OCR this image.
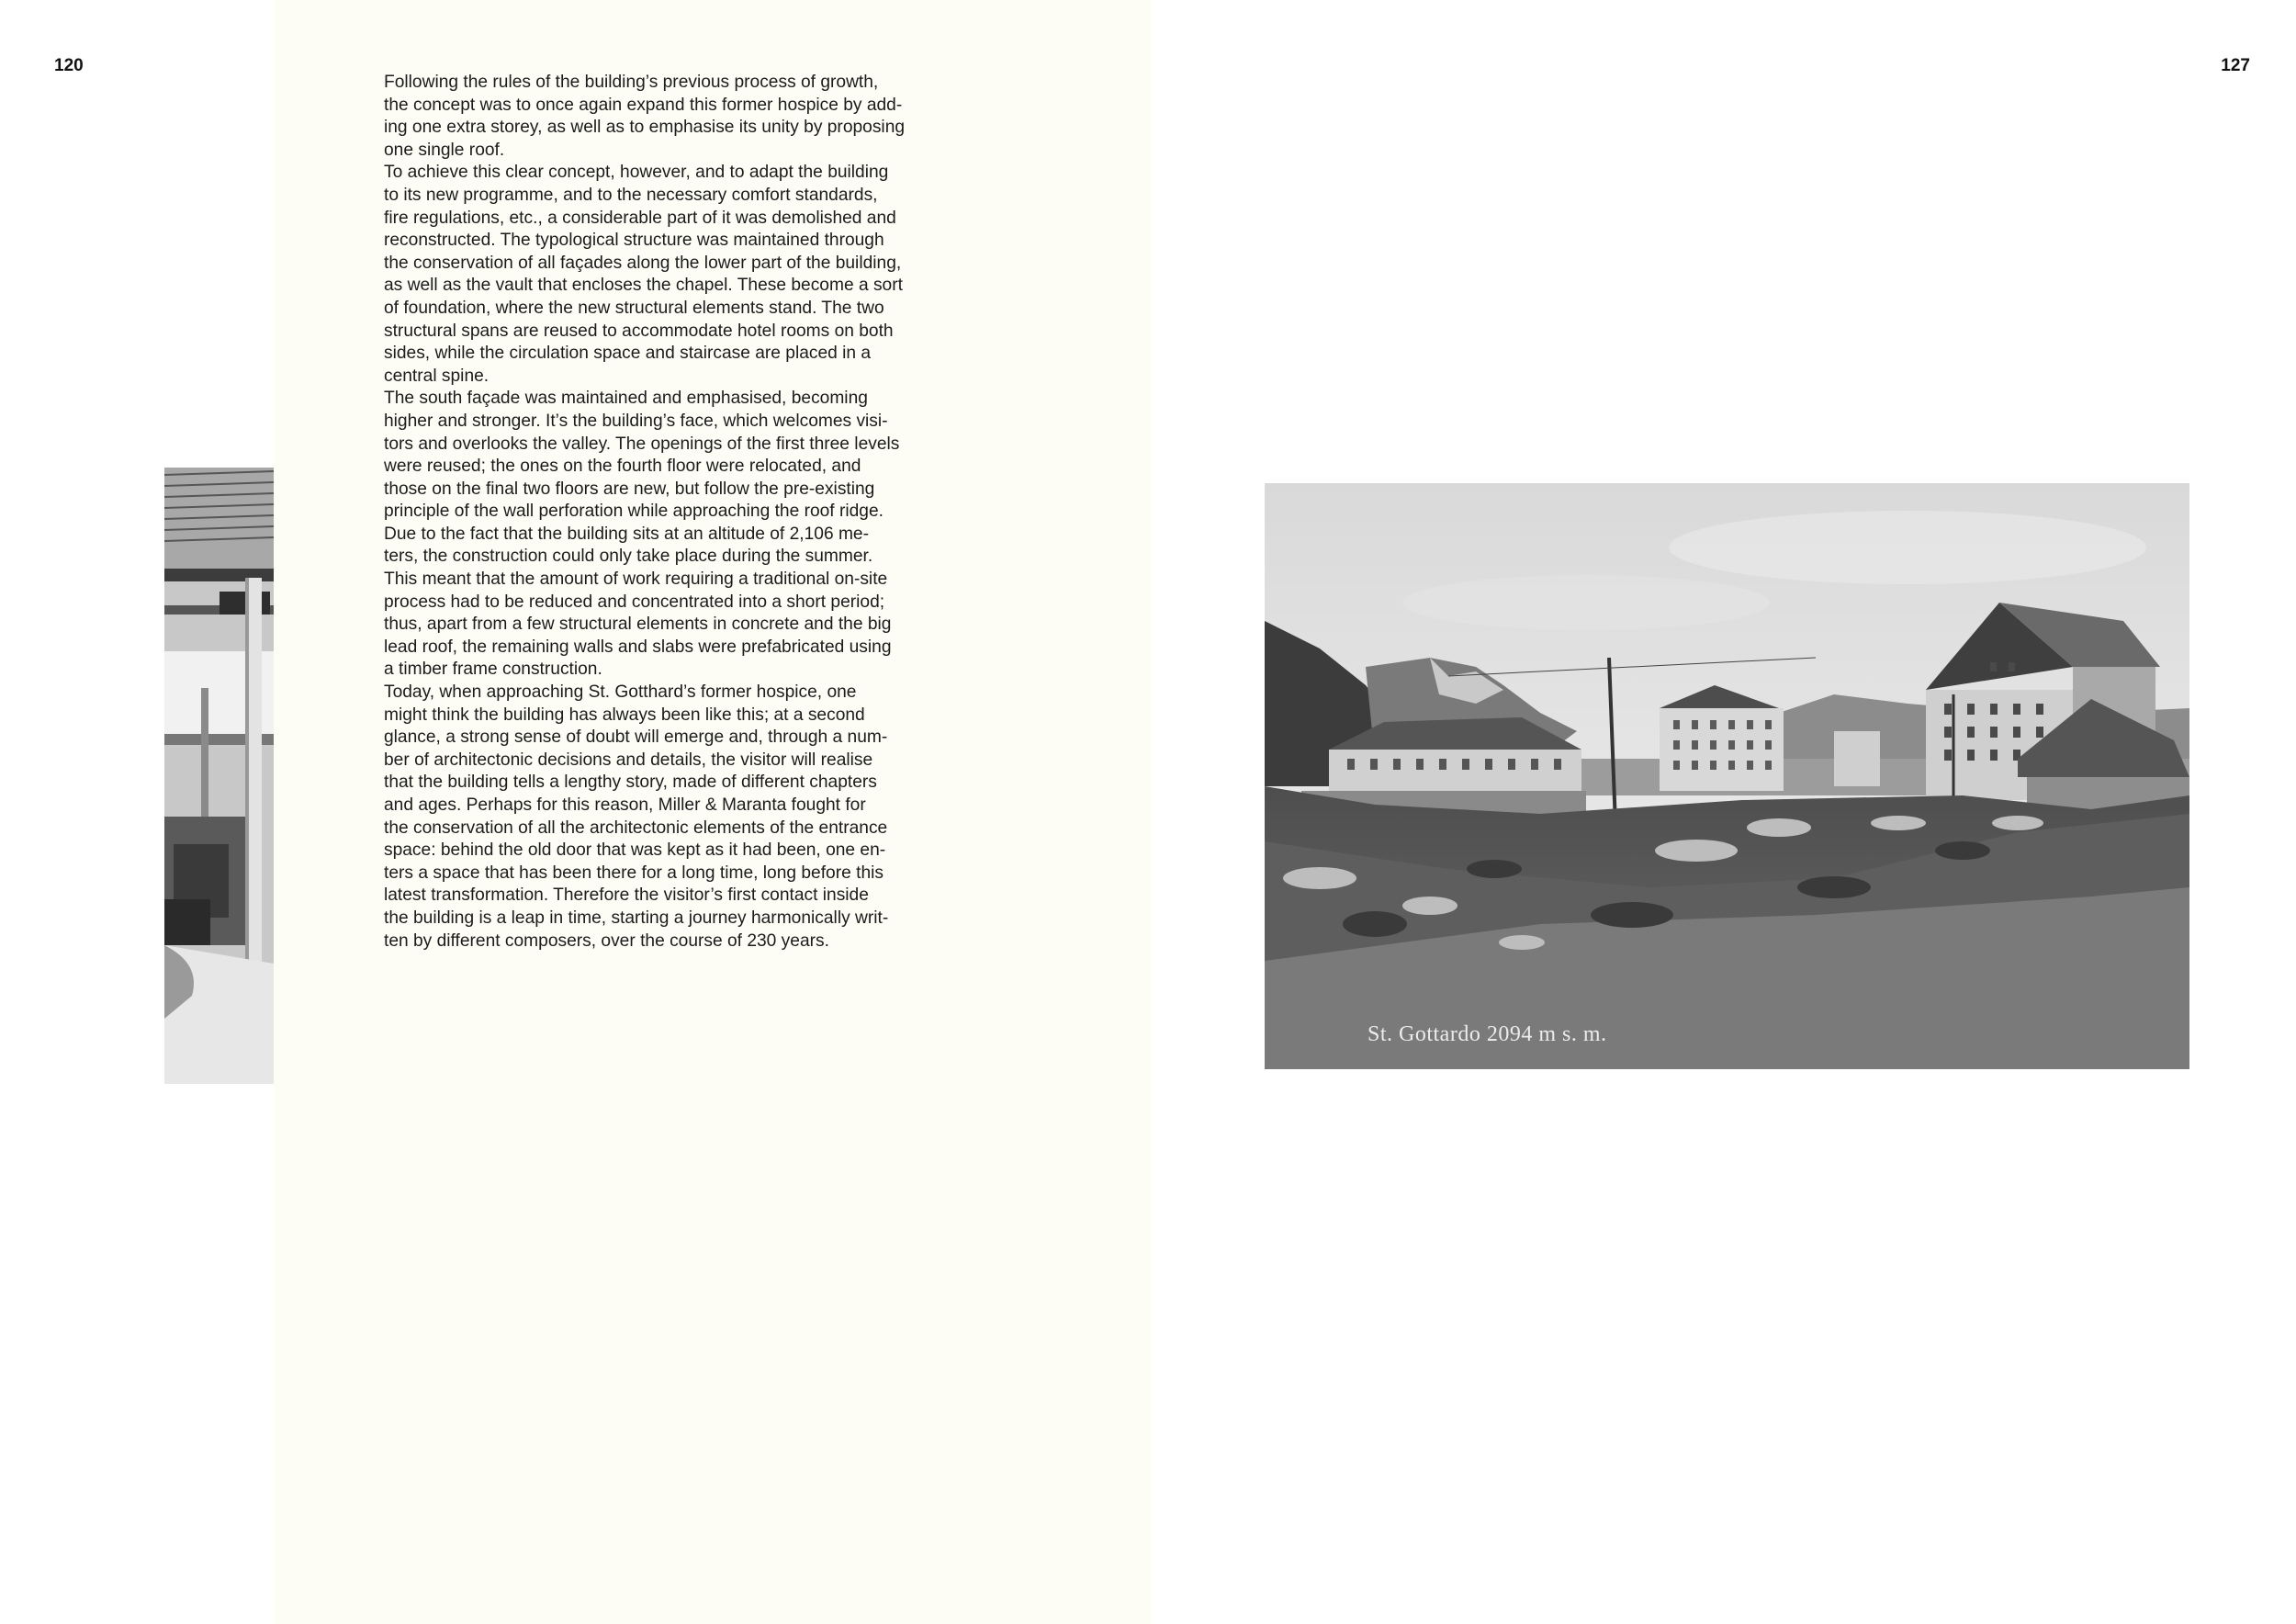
120	127

Following the rules of the building’s previous process of growth,
the concept was to once again expand this former hospice by add-
ing one extra storey, as well as to emphasise its unity by proposing
one single roof.

To achieve this clear concept, however, and to adapt the building
to its new programme, and to the necessary comfort standards,
fire regulations, etc., a considerable part of it was demolished and
reconstructed. The typological structure was maintained through
the conservation of all façades along the lower part of the building,
as well as the vault that encloses the chapel. These become a sort
of foundation, where the new structural elements stand. The two
structural spans are reused to accommodate hotel rooms on both
sides, while the circulation space and staircase are placed in a
central spine.

The south façade was maintained and emphasised, becoming
higher and stronger. It’s the building’s face, which welcomes visi-
tors and overlooks the valley. The openings of the first three levels
were reused; the ones on the fourth floor were relocated, and
those on the final two floors are new, but follow the pre-existing
principle of the wall perforation while approaching the roof ridge.
Due to the fact that the building sits at an altitude of 2,106 me-
ters, the construction could only take place during the summer.
This meant that the amount of work requiring a traditional on-site
process had to be reduced and concentrated into a short period;
thus, apart from a few structural elements in concrete and the big
lead roof, the remaining walls and slabs were prefabricated using
a timber frame construction.

Today, when approaching St. Gotthard’s former hospice, one
might think the building has always been like this; at a second
glance, a strong sense of doubt will emerge and, through a num-
ber of architectonic decisions and details, the visitor will realise
that the building tells a lengthy story, made of different chapters
and ages. Perhaps for this reason, Miller & Maranta fought for
the conservation of all the architectonic elements of the entrance
space: behind the old door that was kept as it had been, one en-
ters a space that has been there for a long time, long before this
latest transformation. Therefore the visitor’s first contact inside
the building is a leap in time, starting a journey harmonically writ-
ten by different composers, over the course of 230 years.

St. Gottardo 2094 m s. m.
